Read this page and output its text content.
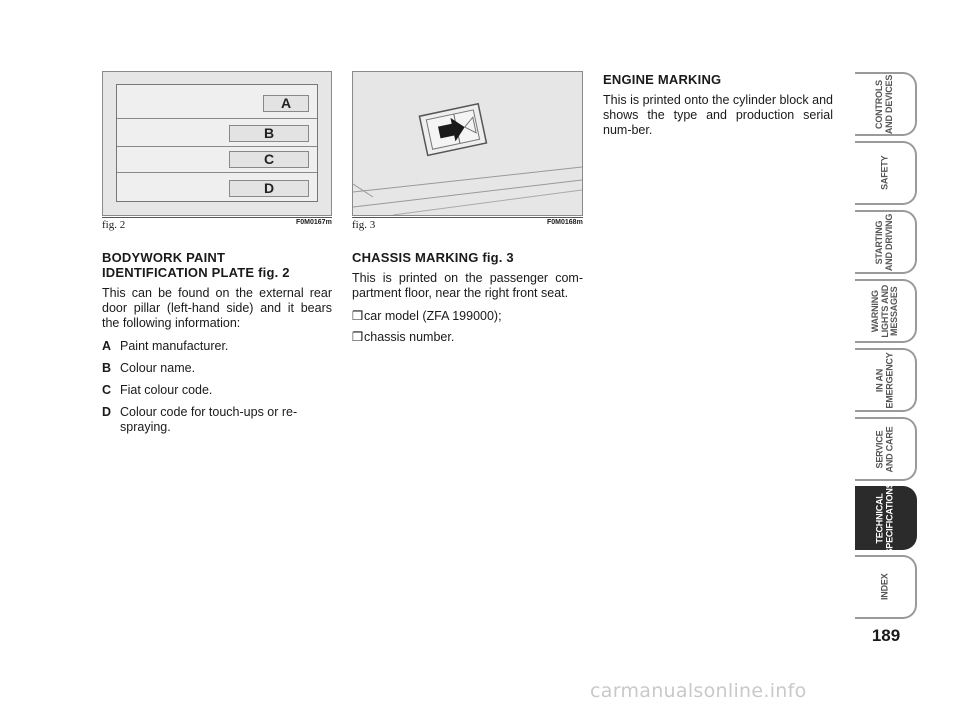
A
B
C
D
fig. 2	F0M0167m fig. 3	F0M0168m
BODYWORK PAINT
IDENTIFICATION PLATE fig. 2

This can be found on the external rear door pillar (left-hand side) and it bears the following information:

A Paint manufacturer.
B Colour name.
C Fiat colour code.
D Colour code for touch-ups or re-spraying.
CHASSIS MARKING fig. 3

This is printed on the passenger com-partment floor, near the right front seat.

❒ car model (ZFA 199000);
❒ chassis number.
ENGINE MARKING

This is printed onto the cylinder block and shows the type and production serial num-ber.

CONTROLS
AND DEVICES
SAFETY
STARTING
AND DRIVING
WARNING
LIGHTS AND
MESSAGES
IN AN
EMERGENCY
SERVICE
AND CARE
TECHNICAL
SPECIFICATIONS
INDEX
189
carmanualsonline.info
